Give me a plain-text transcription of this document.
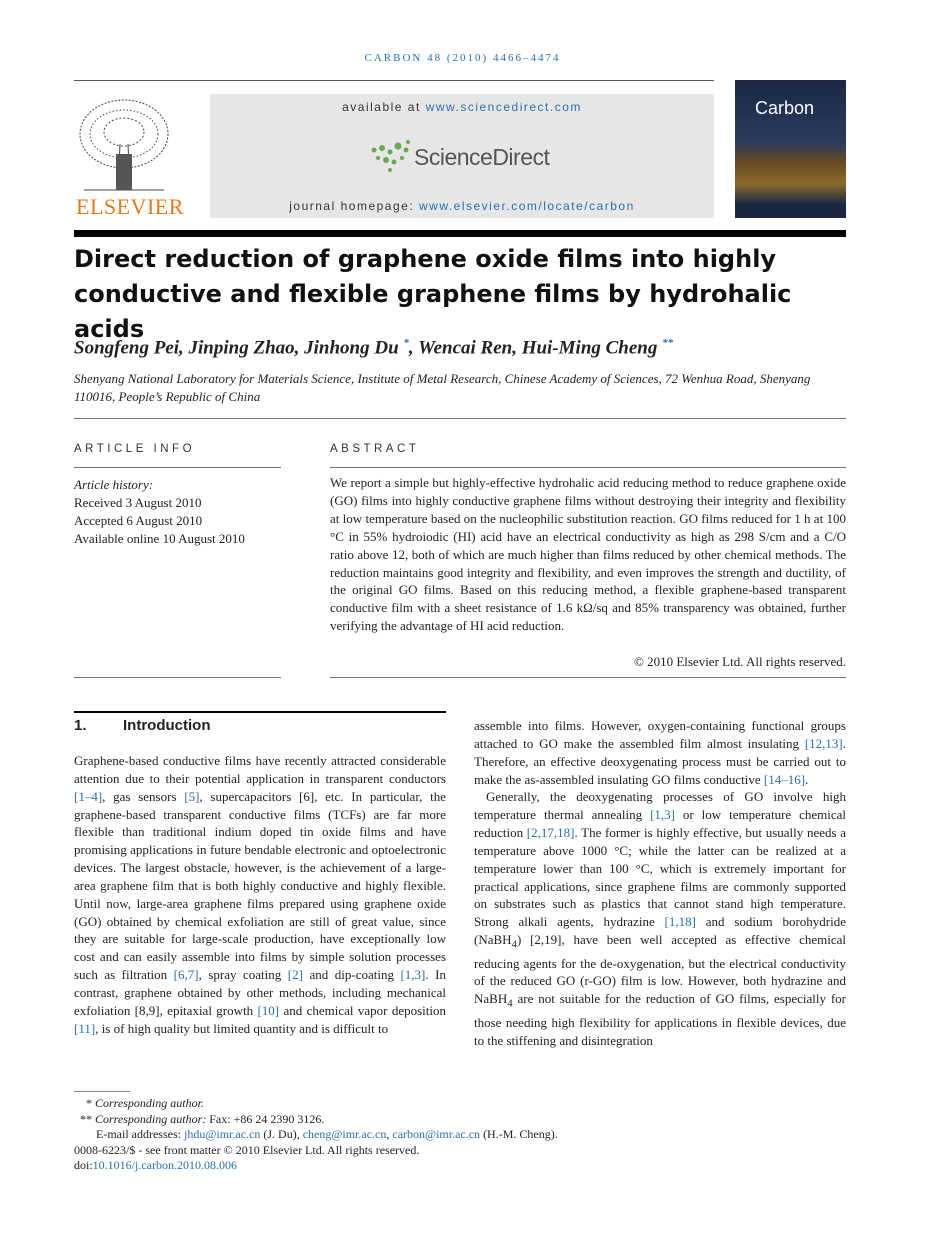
CARBON 48 (2010) 4466–4474
ELSEVIER
available at www.sciencedirect.com
ScienceDirect
journal homepage: www.elsevier.com/locate/carbon
Carbon
Direct reduction of graphene oxide films into highly conductive and flexible graphene films by hydrohalic acids
Songfeng Pei, Jinping Zhao, Jinhong Du *, Wencai Ren, Hui-Ming Cheng **
Shenyang National Laboratory for Materials Science, Institute of Metal Research, Chinese Academy of Sciences, 72 Wenhua Road, Shenyang 110016, People’s Republic of China
ARTICLE INFO
Article history:
Received 3 August 2010
Accepted 6 August 2010
Available online 10 August 2010
ABSTRACT
We report a simple but highly-effective hydrohalic acid reducing method to reduce graphene oxide (GO) films into highly conductive graphene films without destroying their integrity and flexibility at low temperature based on the nucleophilic substitution reaction. GO films reduced for 1 h at 100 °C in 55% hydroiodic (HI) acid have an electrical conductivity as high as 298 S/cm and a C/O ratio above 12, both of which are much higher than films reduced by other chemical methods. The reduction maintains good integrity and flexibility, and even improves the strength and ductility, of the original GO films. Based on this reducing method, a flexible graphene-based transparent conductive film with a sheet resistance of 1.6 kΩ/sq and 85% transparency was obtained, further verifying the advantage of HI acid reduction.
© 2010 Elsevier Ltd. All rights reserved.
1. Introduction

Graphene-based conductive films have recently attracted considerable attention due to their potential application in transparent conductors [1–4], gas sensors [5], supercapacitors [6], etc. In particular, the graphene-based transparent conductive films (TCFs) are far more flexible than traditional indium doped tin oxide films and have promising applications in future bendable electronic and optoelectronic devices. The largest obstacle, however, is the achievement of a large-area graphene film that is both highly conductive and highly flexible. Until now, large-area graphene films prepared using graphene oxide (GO) obtained by chemical exfoliation are still of great value, since they are suitable for large-scale production, have exceptionally low cost and can easily assemble into films by simple solution processes such as filtration [6,7], spray coating [2] and dip-coating [1,3]. In contrast, graphene obtained by other methods, including mechanical exfoliation [8,9], epitaxial growth [10] and chemical vapor deposition [11], is of high quality but limited quantity and is difficult to

assemble into films. However, oxygen-containing functional groups attached to GO make the assembled film almost insulating [12,13]. Therefore, an effective deoxygenating process must be carried out to make the as-assembled insulating GO films conductive [14–16].

Generally, the deoxygenating processes of GO involve high temperature thermal annealing [1,3] or low temperature chemical reduction [2,17,18]. The former is highly effective, but usually needs a temperature above 1000 °C; while the latter can be realized at a temperature lower than 100 °C, which is extremely important for practical applications, since graphene films are commonly supported on substrates such as plastics that cannot stand high temperature. Strong alkali agents, hydrazine [1,18] and sodium borohydride (NaBH$_4$) [2,19], have been well accepted as effective chemical reducing agents for the de-oxygenation, but the electrical conductivity of the reduced GO (r-GO) film is low. However, both hydrazine and NaBH$_4$ are not suitable for the reduction of GO films, especially for those needing high flexibility for applications in flexible devices, due to the stiffening and disintegration

* Corresponding author.
** Corresponding author: Fax: +86 24 2390 3126.
E-mail addresses: jhdu@imr.ac.cn (J. Du), cheng@imr.ac.cn, carbon@imr.ac.cn (H.-M. Cheng).
0008-6223/$ - see front matter © 2010 Elsevier Ltd. All rights reserved.
doi:10.1016/j.carbon.2010.08.006
